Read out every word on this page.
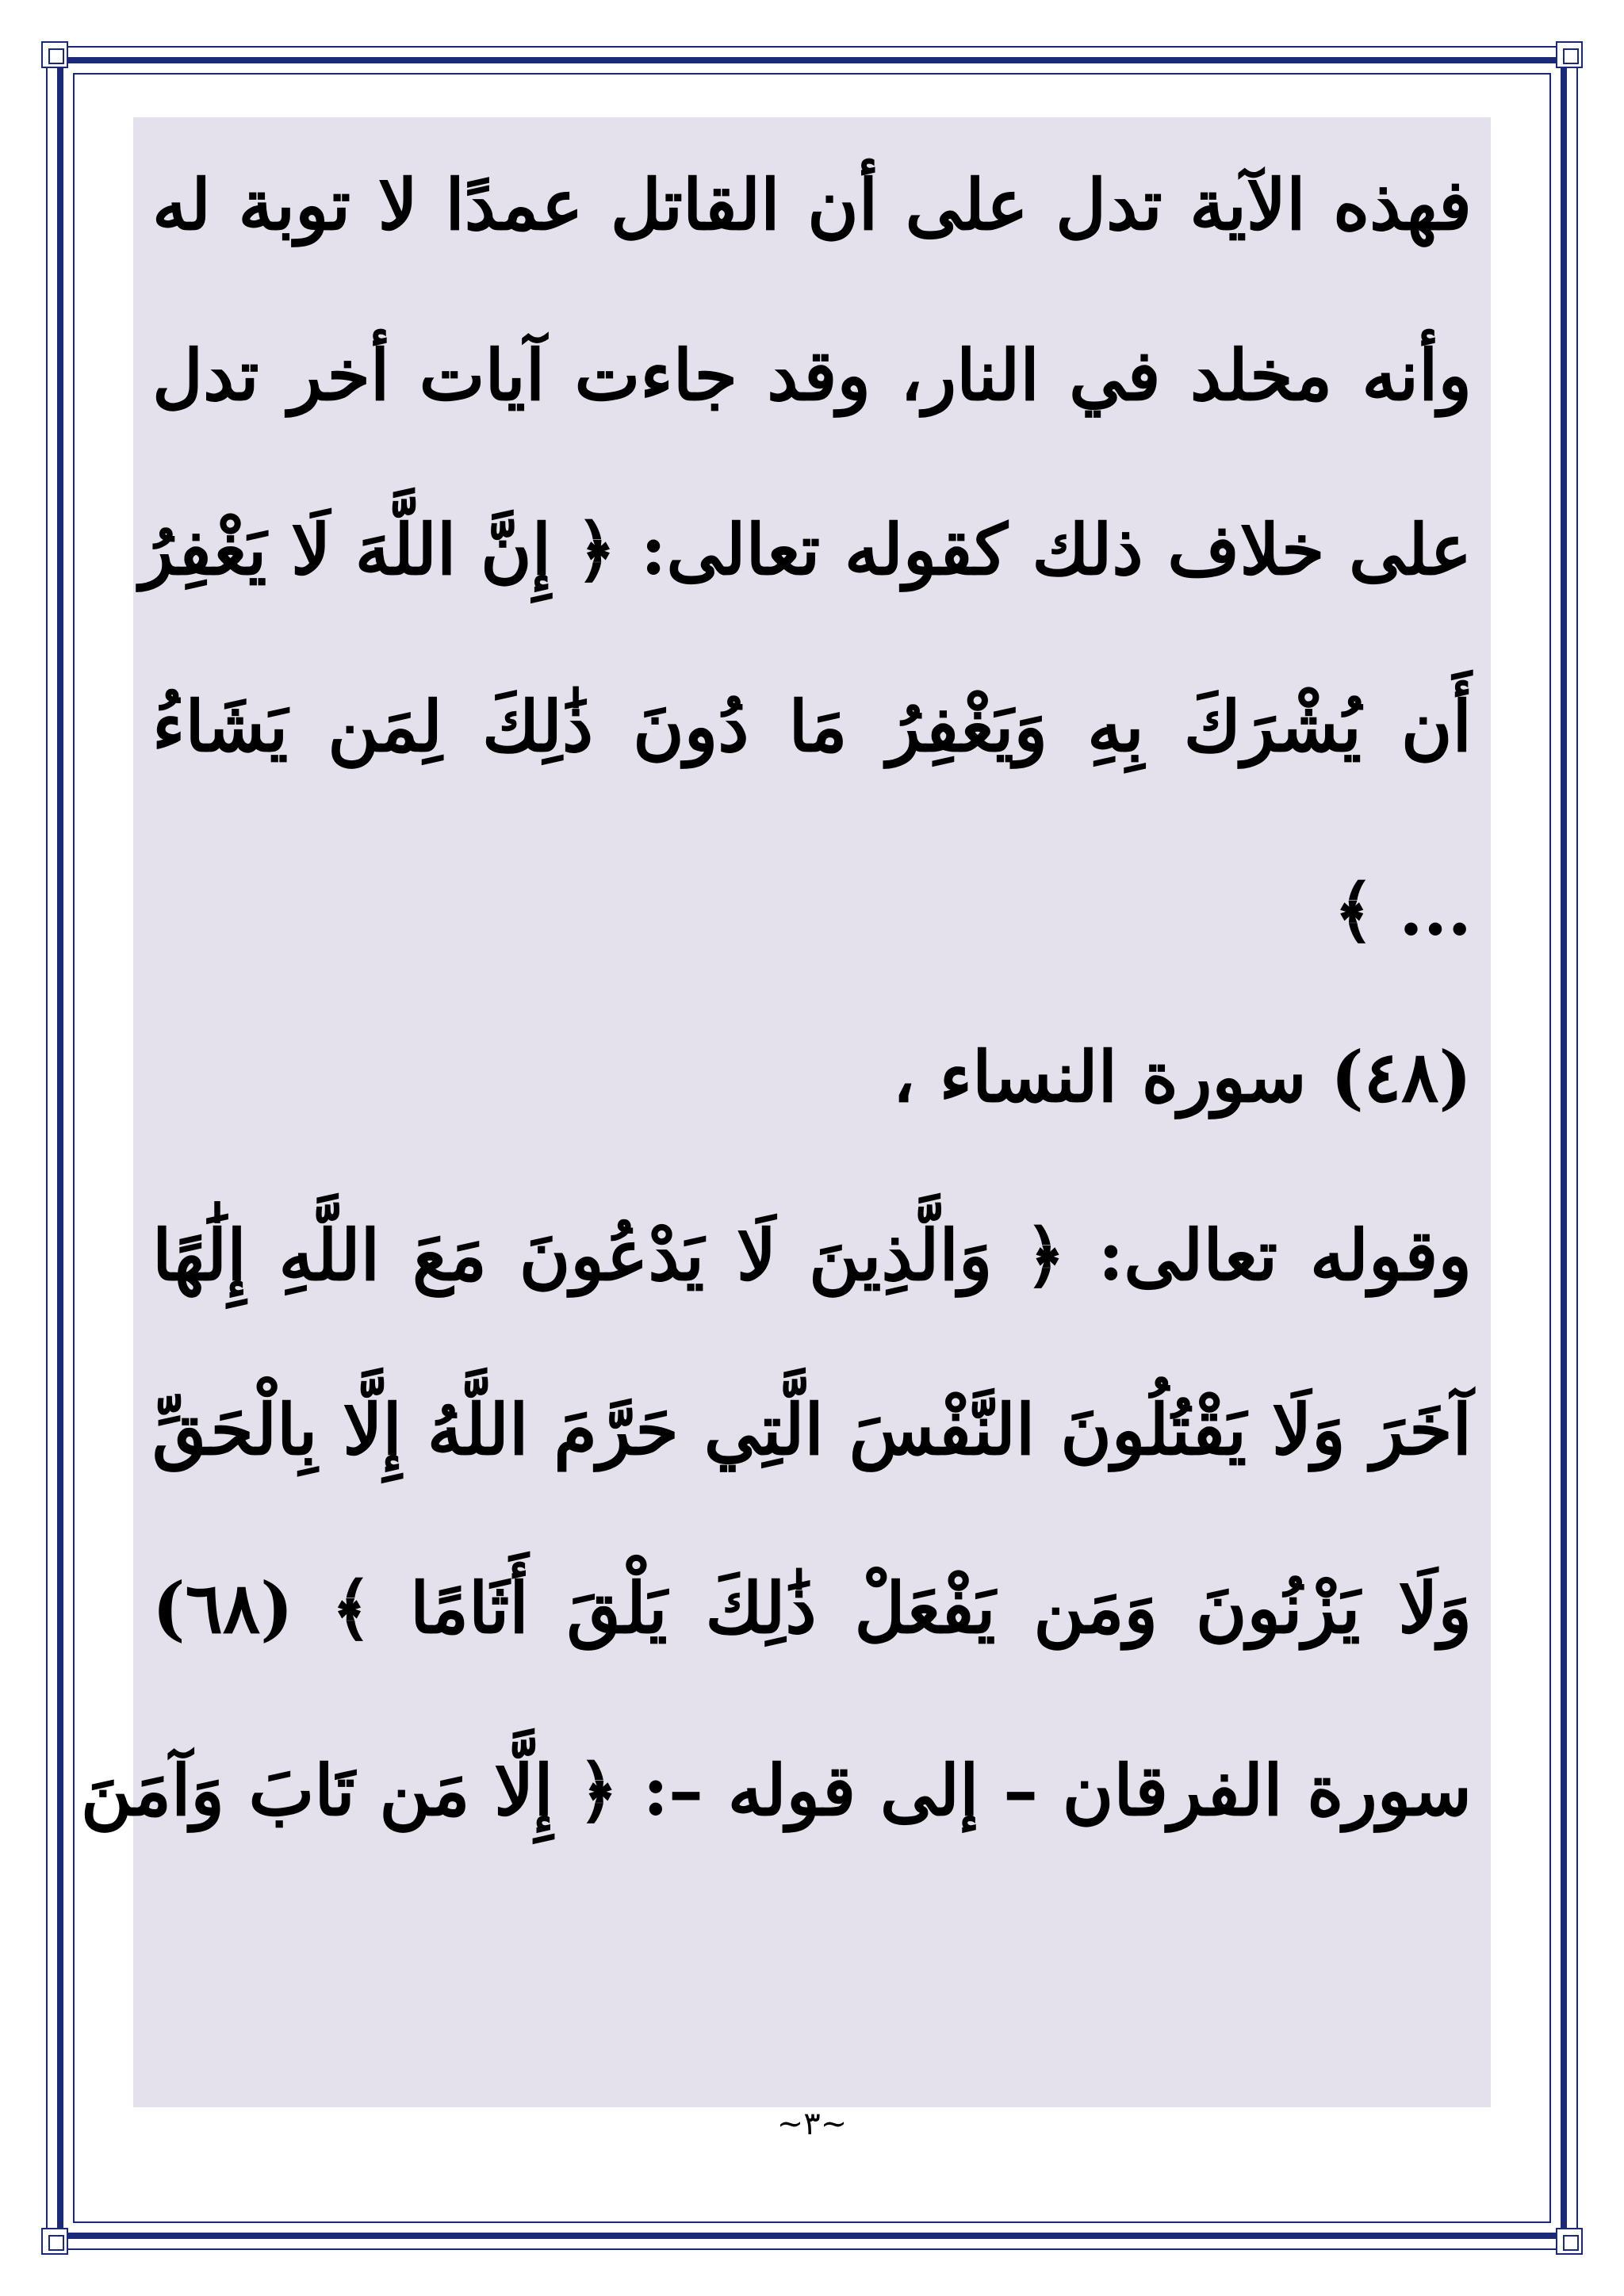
فهذه الآية تدل على أن القاتل عمدًا لا توبة له
وأنه مخلد في النار، وقد جاءت آيات أخر تدل
على خلاف ذلك كقوله تعالى: ﴿ إِنَّ اللَّهَ لَا يَغْفِرُ
أَن يُشْرَكَ بِهِ وَيَغْفِرُ مَا دُونَ ذَٰلِكَ لِمَن يَشَاءُ
... ﴾
(٤٨) سورة النساء ،
وقوله تعالى: ﴿ وَالَّذِينَ لَا يَدْعُونَ مَعَ اللَّهِ إِلَٰهًا
آخَرَ وَلَا يَقْتُلُونَ النَّفْسَ الَّتِي حَرَّمَ اللَّهُ إِلَّا بِالْحَقِّ
وَلَا يَزْنُونَ وَمَن يَفْعَلْ ذَٰلِكَ يَلْقَ أَثَامًا ﴾ (٦٨)
سورة الفرقان – إلى قوله –: ﴿ إِلَّا مَن تَابَ وَآمَنَ
~٣~
